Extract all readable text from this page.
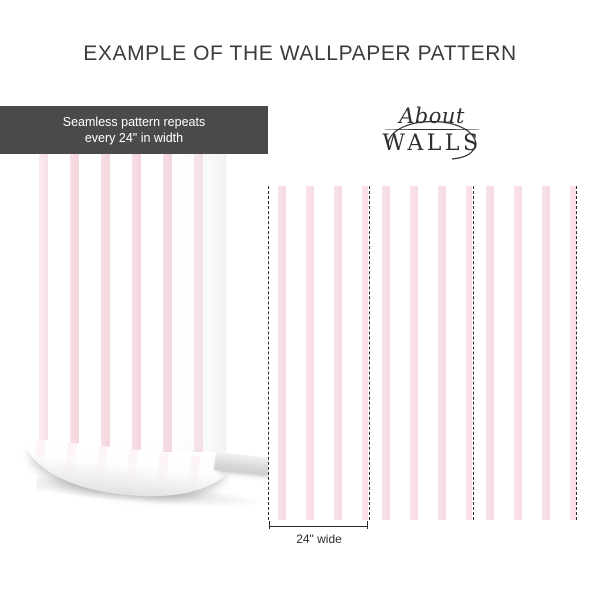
EXAMPLE OF THE WALLPAPER PATTERN
Seamless pattern repeats
every 24" in width
About
WALLS
24" wide
